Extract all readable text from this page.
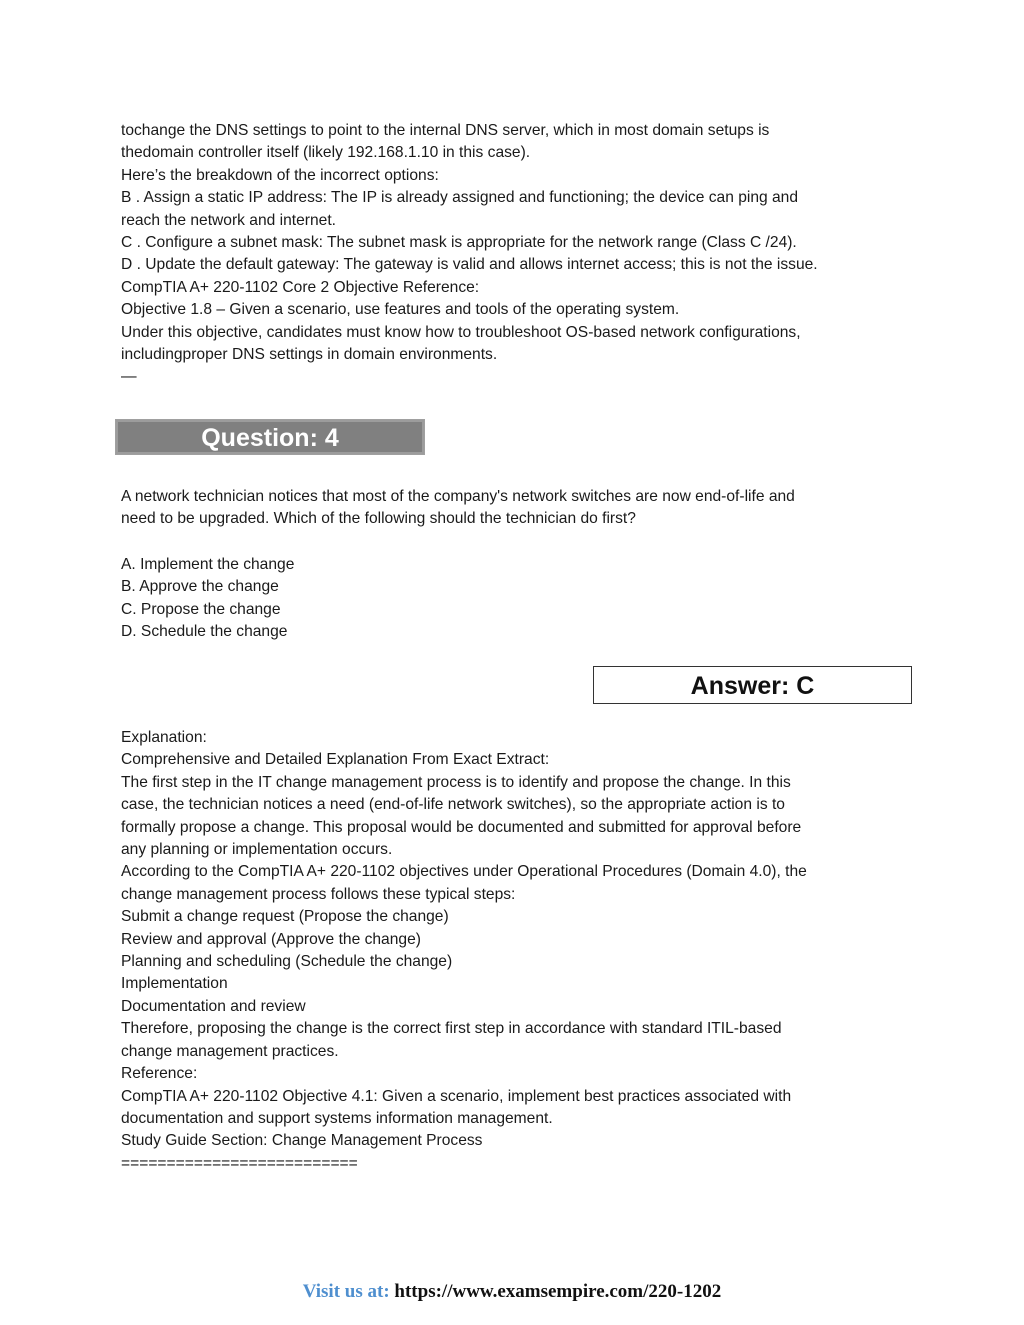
tochange the DNS settings to point to the internal DNS server, which in most domain setups is
thedomain controller itself (likely 192.168.1.10 in this case).
Here’s the breakdown of the incorrect options:
B . Assign a static IP address: The IP is already assigned and functioning; the device can ping and
reach the network and internet.
C . Configure a subnet mask: The subnet mask is appropriate for the network range (Class C /24).
D . Update the default gateway: The gateway is valid and allows internet access; this is not the issue.
CompTIA A+ 220-1102 Core 2 Objective Reference:
Objective 1.8 – Given a scenario, use features and tools of the operating system.
Under this objective, candidates must know how to troubleshoot OS-based network configurations,
includingproper DNS settings in domain environments.
—
Question: 4
A network technician notices that most of the company's network switches are now end-of-life and
need to be upgraded. Which of the following should the technician do first?
A. Implement the change
B. Approve the change
C. Propose the change
D. Schedule the change
Answer: C
Explanation:
Comprehensive and Detailed Explanation From Exact Extract:
The first step in the IT change management process is to identify and propose the change. In this
case, the technician notices a need (end-of-life network switches), so the appropriate action is to
formally propose a change. This proposal would be documented and submitted for approval before
any planning or implementation occurs.
According to the CompTIA A+ 220-1102 objectives under Operational Procedures (Domain 4.0), the
change management process follows these typical steps:
Submit a change request (Propose the change)
Review and approval (Approve the change)
Planning and scheduling (Schedule the change)
Implementation
Documentation and review
Therefore, proposing the change is the correct first step in accordance with standard ITIL-based
change management practices.
Reference:
CompTIA A+ 220-1102 Objective 4.1: Given a scenario, implement best practices associated with
documentation and support systems information management.
Study Guide Section: Change Management Process
==========================
Visit us at: https://www.examsempire.com/220-1202
